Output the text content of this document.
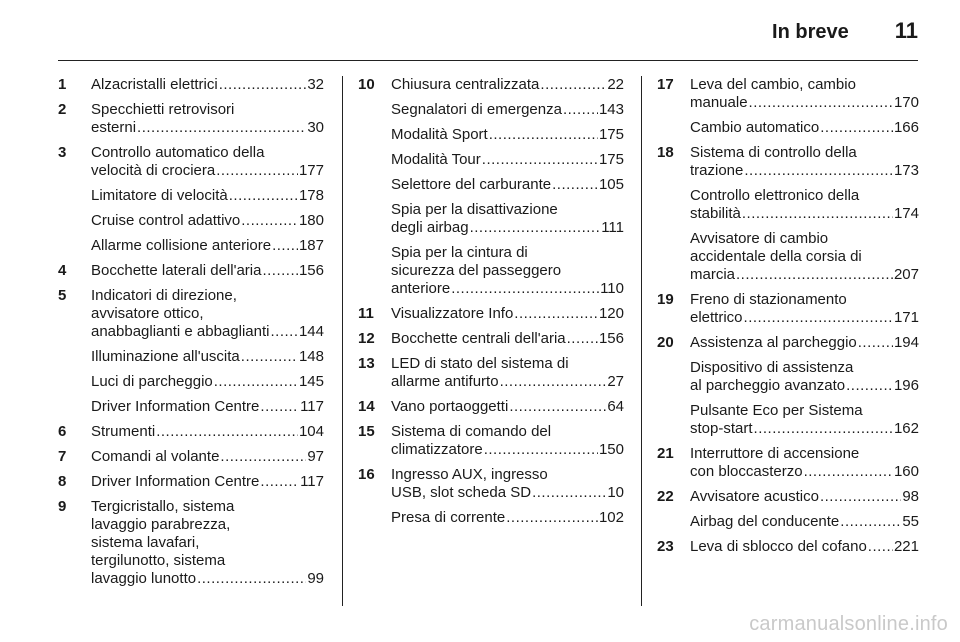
In breve 11
1 Alzacristalli elettrici .....	32
2 Specchietti retrovisori
esterni .....	30
3 Controllo automatico della
velocità di crociera .....	177
Limitatore di velocità .....	178
Cruise control adattivo .....	180
Allarme collisione anteriore ..... 187
4 Bocchette laterali dell'aria .....	156
5 Indicatori di direzione,
avvisatore ottico,
anabbaglianti e abbaglianti ..... 144
Illuminazione all'uscita .....	148
Luci di parcheggio .....	145
Driver Information Centre .....	117
6 Strumenti .....	104
7 Comandi al volante .....	97
8 Driver Information Centre .....	117
9 Tergicristallo, sistema
lavaggio parabrezza,
sistema lavafari,
tergilunotto, sistema
lavaggio lunotto .....	99
10 Chiusura centralizzata .....	22
Segnalatori di emergenza ..... 143
Modalità Sport .....	175
Modalità Tour .....	175
Selettore del carburante .....	105
Spia per la disattivazione
degli airbag .....	111
Spia per la cintura di
sicurezza del passeggero
anteriore .....	110
11 Visualizzatore Info .....	120
12 Bocchette centrali dell'aria ..... 156
13 LED di stato del sistema di
allarme antifurto .....	27
14 Vano portaoggetti .....	64
15 Sistema di comando del
climatizzatore .....	150
16 Ingresso AUX, ingresso
USB, slot scheda SD .....	10
Presa di corrente .....	102
17 Leva del cambio, cambio
manuale .....	170
Cambio automatico .....	166
18 Sistema di controllo della
trazione .....	173
Controllo elettronico della
stabilità .....	174
Avvisatore di cambio
accidentale della corsia di
marcia .....	207
19 Freno di stazionamento
elettrico .....	171
20 Assistenza al parcheggio ..... 194
Dispositivo di assistenza
al parcheggio avanzato .....	196
Pulsante Eco per Sistema
stop-start .....	162
21 Interruttore di accensione
con bloccasterzo .....	160
22 Avvisatore acustico .....	98
Airbag del conducente .....	55
23 Leva di sblocco del cofano ..... 221
carmanualsonline.info
